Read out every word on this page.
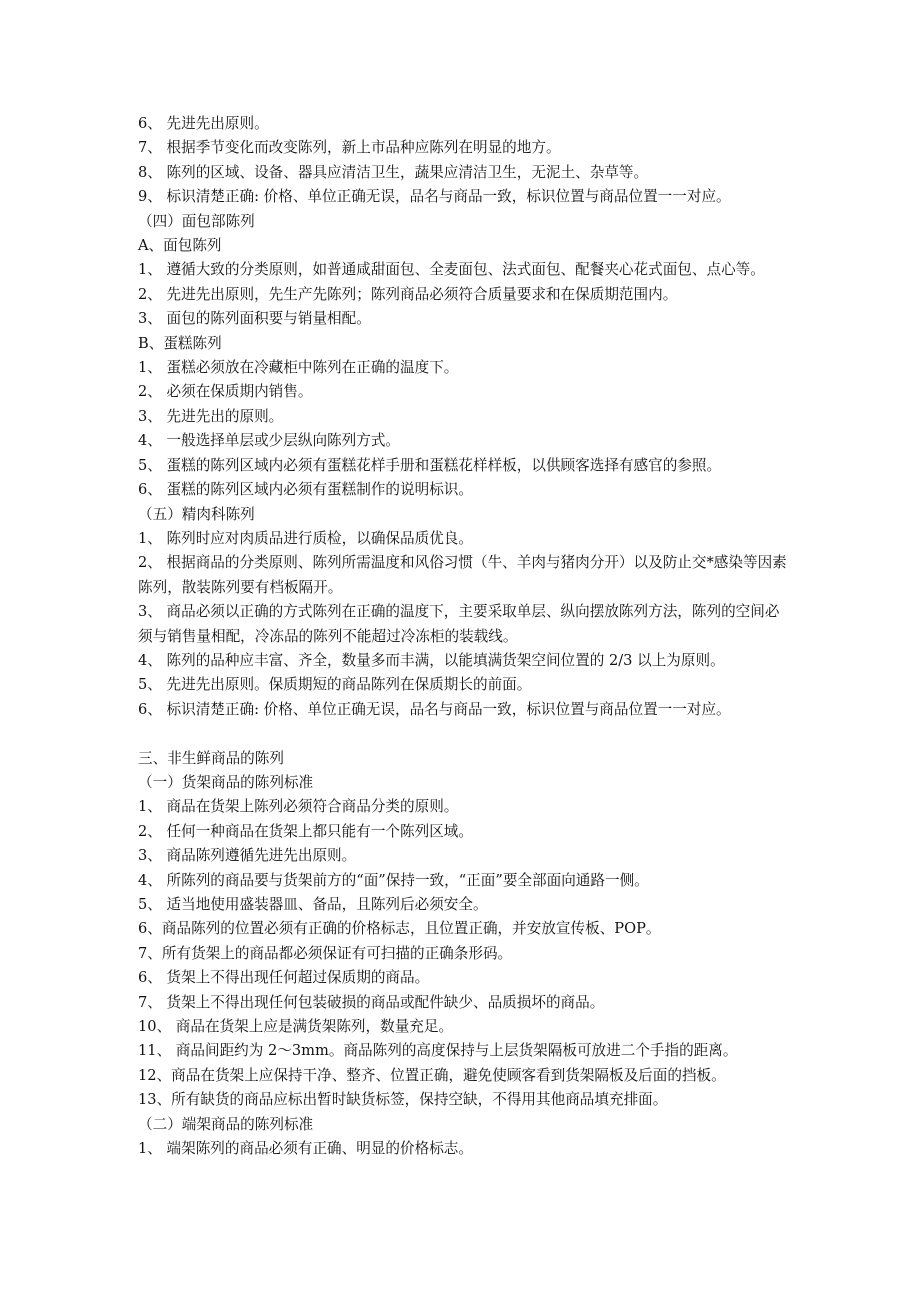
6、 先进先出原则。
7、 根据季节变化而改变陈列，新上市品种应陈列在明显的地方。
8、 陈列的区域、设备、器具应清洁卫生，蔬果应清洁卫生，无泥土、杂草等。
9、 标识清楚正确: 价格、单位正确无误，品名与商品一致，标识位置与商品位置一一对应。
（四）面包部陈列
A、面包陈列
1、 遵循大致的分类原则，如普通咸甜面包、全麦面包、法式面包、配餐夹心花式面包、点心等。
2、 先进先出原则，先生产先陈列；陈列商品必须符合质量要求和在保质期范围内。
3、 面包的陈列面积要与销量相配。
B、蛋糕陈列
1、 蛋糕必须放在冷藏柜中陈列在正确的温度下。
2、 必须在保质期内销售。
3、 先进先出的原则。
4、 一般选择单层或少层纵向陈列方式。
5、 蛋糕的陈列区域内必须有蛋糕花样手册和蛋糕花样样板，以供顾客选择有感官的参照。
6、 蛋糕的陈列区域内必须有蛋糕制作的说明标识。
（五）精肉科陈列
1、 陈列时应对肉质品进行质检，以确保品质优良。
2、 根据商品的分类原则、陈列所需温度和风俗习惯（牛、羊肉与猪肉分开）以及防止交*感染等因素陈列，散装陈列要有档板隔开。
3、 商品必须以正确的方式陈列在正确的温度下，主要采取单层、纵向摆放陈列方法，陈列的空间必须与销售量相配，冷冻品的陈列不能超过冷冻柜的装载线。
4、 陈列的品种应丰富、齐全，数量多而丰满，以能填满货架空间位置的 2/3 以上为原则。
5、 先进先出原则。保质期短的商品陈列在保质期长的前面。
6、 标识清楚正确: 价格、单位正确无误，品名与商品一致，标识位置与商品位置一一对应。
三、非生鲜商品的陈列
（一）货架商品的陈列标准
1、 商品在货架上陈列必须符合商品分类的原则。
2、 任何一种商品在货架上都只能有一个陈列区域。
3、 商品陈列遵循先进先出原则。
4、 所陈列的商品要与货架前方的“面”保持一致，“正面”要全部面向通路一侧。
5、 适当地使用盛装器皿、备品，且陈列后必须安全。
6、商品陈列的位置必须有正确的价格标志，且位置正确，并安放宣传板、POP。
7、所有货架上的商品都必须保证有可扫描的正确条形码。
6、 货架上不得出现任何超过保质期的商品。
7、 货架上不得出现任何包装破损的商品或配件缺少、品质损坏的商品。
10、 商品在货架上应是满货架陈列，数量充足。
11、 商品间距约为 2～3mm。商品陈列的高度保持与上层货架隔板可放进二个手指的距离。
12、商品在货架上应保持干净、整齐、位置正确，避免使顾客看到货架隔板及后面的挡板。
13、所有缺货的商品应标出暂时缺货标签，保持空缺，不得用其他商品填充排面。
（二）端架商品的陈列标准
1、 端架陈列的商品必须有正确、明显的价格标志。
